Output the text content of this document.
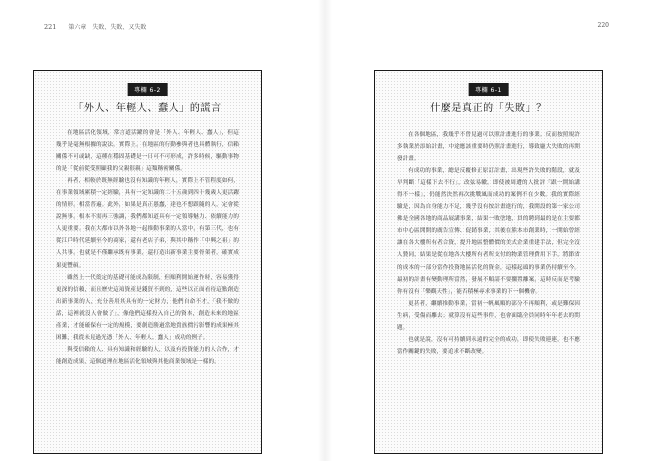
221 第六章　失敗、失敗、又失敗
專欄 6-2
「外人、年輕人、蠢人」的謊言

在地區活化領域，常言道活躍的會是「外人、年輕人、蠢人」，但這幾乎是毫無根據的說法。實際上，在地區的行動參與者也具體執行，信賴關係不可或缺，這種在穩固基礎是一日可不可形成，許多時候，驅動事物的是「從前從受照顧我的父親很親」這類稱密關係。

再者，相較於既無經驗也沒有知識的年輕人，實際上不管程度如何，在事業領域累積一定經驗，具有一定知識的二十五歲到四十幾歲人更活躍的情形，相當普遍。此外，如果是真正愚蠢，達也不想跟隨的人，定會從說無事，根本不需再三強調，我們都知道具有一定領導魅力、依續能力的人更重要。我在大都市以外各地一起推動事業的人當中，有第三代，也有從江戶時代延續至今的商家，還有老店子弟，與其中稱作「中興之祖」的人共事，也就是不僅繼承既有事業，還打造出新事業主要骨架者，確實成果更豐碩。

雖然上一代奠定的基礎可能成為限制，但順利開始運作時，容易獲得更深的信賴，而且歷史這項資產是錢買不到的，這些以正面看待這點創造出新事業的人，充分善用其具有的一定財力，他們自命不才，「我不做的話，這裡就沒人會做了」，像他們這樣投入自己的資本，創造未來的地區產業，才能確保有一定的規模，要創造勝過當地貴族價污影響的成果極其困難，我從未見過光憑「外人、年輕人、蠢人」成功的例子。

與受信賴的人、具有知識和經驗的人，以及有投資能力的人合作，才能創造成果，這個道理在地區活化領域與其他商業領域是一樣的。

220
專欄 6-1
什麼是真正的「失敗」？

在各個地區，我幾乎不曾見過可以照計畫進行的事業。反而按照規許多執業於添始計畫，中途應該重要時仍照計畫進行，導致龐大失敗的再開發計畫。

有成功的事業，總是反覆修正原訂計畫，出現些許失敗的階段，就及早判斷「這樣下去不行」，改弦易轍。即使被周遭的人批評「跟一開始講得不一樣」，仍能然決然再次挑戰風而成功的案例不在少數。我的實際經驗是，因為自身能力不足，幾乎沒有按計畫進行的，我開設的第一家公司佛是全國各地的商品展講事業，結果一敗塗地，員的聘到最的是在主要都市中心區開開的廣告宣傳、促銷事業，其後在熊本市創業時，一開始曾經讓在各大樓所有者合資，提升地區整體價的美式企業重建手法，但完全沒人贊同，結果是從在地各大樓所有者所支付的物業管理費用下手，將節省的成本的一部分當作投資地區活化的資金，這樣起頭的事業仍持續至今。最初的計畫有變動理所當然，發展不順請不要擱置離案，這時反而是考驗你有沒有「樂觀天性」，能否積極尋求事業的下一個機會。

更甚者，繼續推動事業，當初一帆風順的部分不再順利，或是難保因生病，受傷而離去；就算沒有這些事件，也會面臨全員同時年年老去的問題。

也就是說，沒有可持續到永遠的完全的成功，即使失敗連連，也不應當作關鍵的失敗，要追求不斷改變。
